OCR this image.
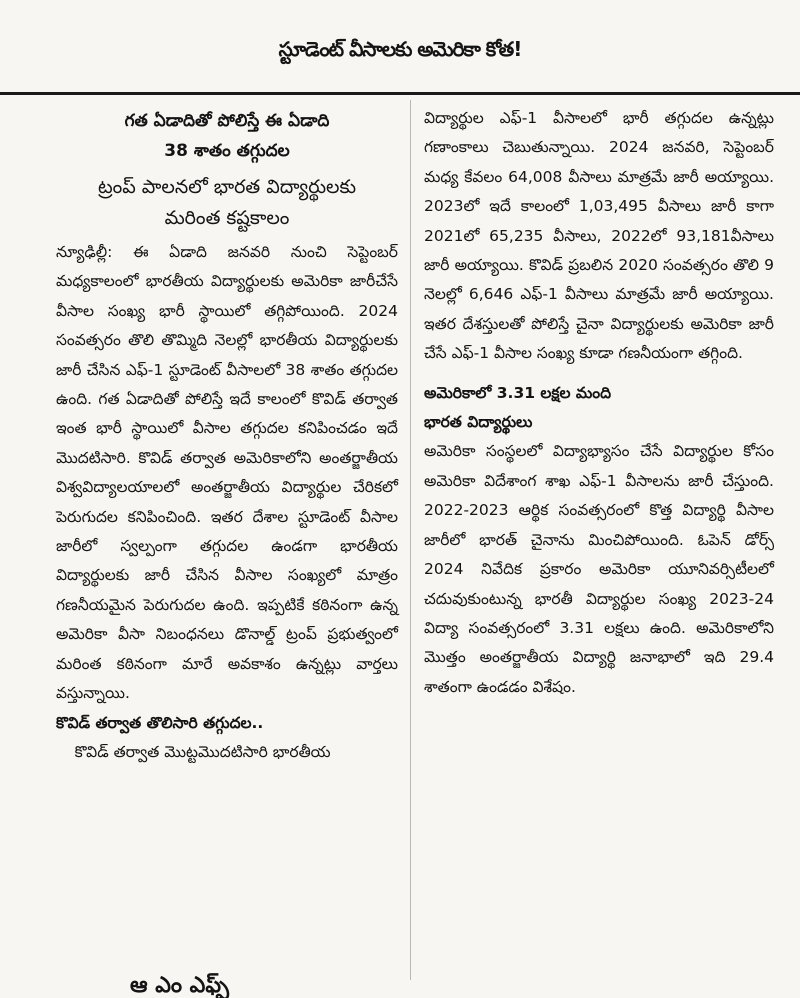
స్టూడెంట్ వీసాలకు అమెరికా కోత!
గత ఏడాదితో పోలిస్తే ఈ ఏడాది
38 శాతం తగ్గుదల
ట్రంప్ పాలనలో భారత విద్యార్థులకు
మరింత కష్టకాలం

న్యూఢిల్లీ: ఈ ఏడాది జనవరి నుంచి సెప్టెంబర్ మధ్యకాలంలో భారతీయ విద్యార్థులకు అమెరికా జారీచేసే వీసాల సంఖ్య భారీ స్థాయిలో తగ్గిపోయింది. 2024 సంవత్సరం తొలి తొమ్మిది నెలల్లో భారతీయ విద్యార్థులకు జారీ చేసిన ఎఫ్-1 స్టూడెంట్ వీసాలలో 38 శాతం తగ్గుదల ఉంది. గత ఏడాదితో పోలిస్తే ఇదే కాలంలో కొవిడ్ తర్వాత ఇంత భారీ స్థాయిలో వీసాల తగ్గుదల కనిపించడం ఇదే మొదటిసారి. కొవిడ్ తర్వాత అమెరికాలోని అంతర్జాతీయ విశ్వవిద్యాలయాలలో అంతర్జాతీయ విద్యార్థుల చేరికలో పెరుగుదల కనిపించింది. ఇతర దేశాల స్టూడెంట్ వీసాల జారీలో స్వల్పంగా తగ్గుదల ఉండగా భారతీయ విద్యార్థులకు జారీ చేసిన వీసాల సంఖ్యలో మాత్రం గణనీయమైన పెరుగుదల ఉంది. ఇప్పటికే కఠినంగా ఉన్న అమెరికా వీసా నిబంధనలు డొనాల్డ్ ట్రంప్ ప్రభుత్వంలో మరింత కఠినంగా మారే అవకాశం ఉన్నట్లు వార్తలు వస్తున్నాయి.

కొవిడ్ తర్వాత తొలిసారి తగ్గుదల..

కొవిడ్ తర్వాత మొట్టమొదటిసారి భారతీయ

విద్యార్థుల ఎఫ్-1 వీసాలలో భారీ తగ్గుదల ఉన్నట్లు గణాంకాలు చెబుతున్నాయి. 2024 జనవరి, సెప్టెంబర్ మధ్య కేవలం 64,008 వీసాలు మాత్రమే జారీ అయ్యాయి. 2023లో ఇదే కాలంలో 1,03,495 వీసాలు జారీ కాగా 2021లో 65,235 వీసాలు, 2022లో 93,181వీసాలు జారీ అయ్యాయి. కొవిడ్ ప్రబలిన 2020 సంవత్సరం తొలి 9 నెలల్లో 6,646 ఎఫ్-1 వీసాలు మాత్రమే జారీ అయ్యాయి. ఇతర దేశస్తులతో పోలిస్తే చైనా విద్యార్థులకు అమెరికా జారీ చేసే ఎఫ్-1 వీసాల సంఖ్య కూడా గణనీయంగా తగ్గింది.

అమెరికాలో 3.31 లక్షల మంది

భారత విద్యార్థులు

అమెరికా సంస్థలలో విద్యాభ్యాసం చేసే విద్యార్థుల కోసం అమెరికా విదేశాంగ శాఖ ఎఫ్-1 వీసాలను జారీ చేస్తుంది. 2022-2023 ఆర్థిక సంవత్సరంలో కొత్త విద్యార్థి వీసాల జారీలో భారత్ చైనాను మించిపోయింది. ఓపెన్ డోర్స్ 2024 నివేదిక ప్రకారం అమెరికా యూనివర్సిటీలలో చదువుకుంటున్న భారతీ విద్యార్థుల సంఖ్య 2023-24 విద్యా సంవత్సరంలో 3.31 లక్షలు ఉంది. అమెరికాలోని మొత్తం అంతర్జాతీయ విద్యార్థి జనాభాలో ఇది 29.4 శాతంగా ఉండడం విశేషం.

ఆ ఎం ఎఫ్ఫ్
